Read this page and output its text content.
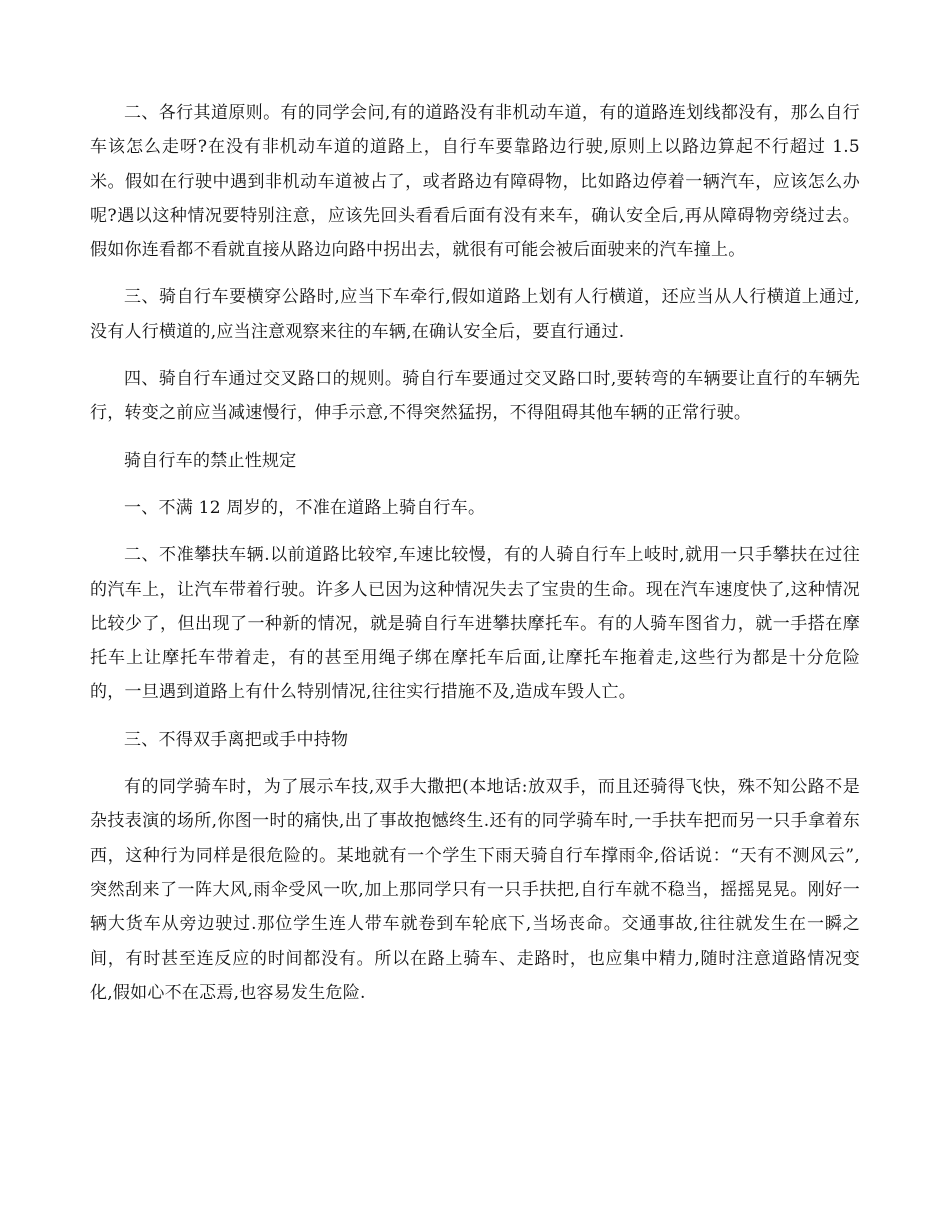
二、各行其道原则。有的同学会问,有的道路没有非机动车道，有的道路连划线都没有，那么自行车该怎么走呀?在没有非机动车道的道路上，自行车要靠路边行驶,原则上以路边算起不行超过 1.5 米。假如在行驶中遇到非机动车道被占了，或者路边有障碍物，比如路边停着一辆汽车，应该怎么办呢?遇以这种情况要特别注意，应该先回头看看后面有没有来车，确认安全后,再从障碍物旁绕过去。假如你连看都不看就直接从路边向路中拐出去，就很有可能会被后面驶来的汽车撞上。

三、骑自行车要横穿公路时,应当下车牵行,假如道路上划有人行横道，还应当从人行横道上通过,没有人行横道的,应当注意观察来往的车辆,在确认安全后，要直行通过.

四、骑自行车通过交叉路口的规则。骑自行车要通过交叉路口时,要转弯的车辆要让直行的车辆先行，转变之前应当减速慢行，伸手示意,不得突然猛拐，不得阻碍其他车辆的正常行驶。

骑自行车的禁止性规定

一、不满 12 周岁的，不准在道路上骑自行车。

二、不准攀扶车辆.以前道路比较窄,车速比较慢，有的人骑自行车上岐时,就用一只手攀扶在过往的汽车上，让汽车带着行驶。许多人已因为这种情况失去了宝贵的生命。现在汽车速度快了,这种情况比较少了，但出现了一种新的情况，就是骑自行车进攀扶摩托车。有的人骑车图省力，就一手搭在摩托车上让摩托车带着走，有的甚至用绳子绑在摩托车后面,让摩托车拖着走,这些行为都是十分危险的，一旦遇到道路上有什么特别情况,往往实行措施不及,造成车毁人亡。

三、不得双手离把或手中持物

有的同学骑车时，为了展示车技,双手大撒把(本地话:放双手，而且还骑得飞快，殊不知公路不是杂技表演的场所,你图一时的痛快,出了事故抱憾终生.还有的同学骑车时,一手扶车把而另一只手拿着东西，这种行为同样是很危险的。某地就有一个学生下雨天骑自行车撑雨伞,俗话说：“天有不测风云”,突然刮来了一阵大风,雨伞受风一吹,加上那同学只有一只手扶把,自行车就不稳当，摇摇晃晃。刚好一辆大货车从旁边驶过.那位学生连人带车就卷到车轮底下,当场丧命。交通事故,往往就发生在一瞬之间，有时甚至连反应的时间都没有。所以在路上骑车、走路时，也应集中精力,随时注意道路情况变化,假如心不在忑焉,也容易发生危险.
